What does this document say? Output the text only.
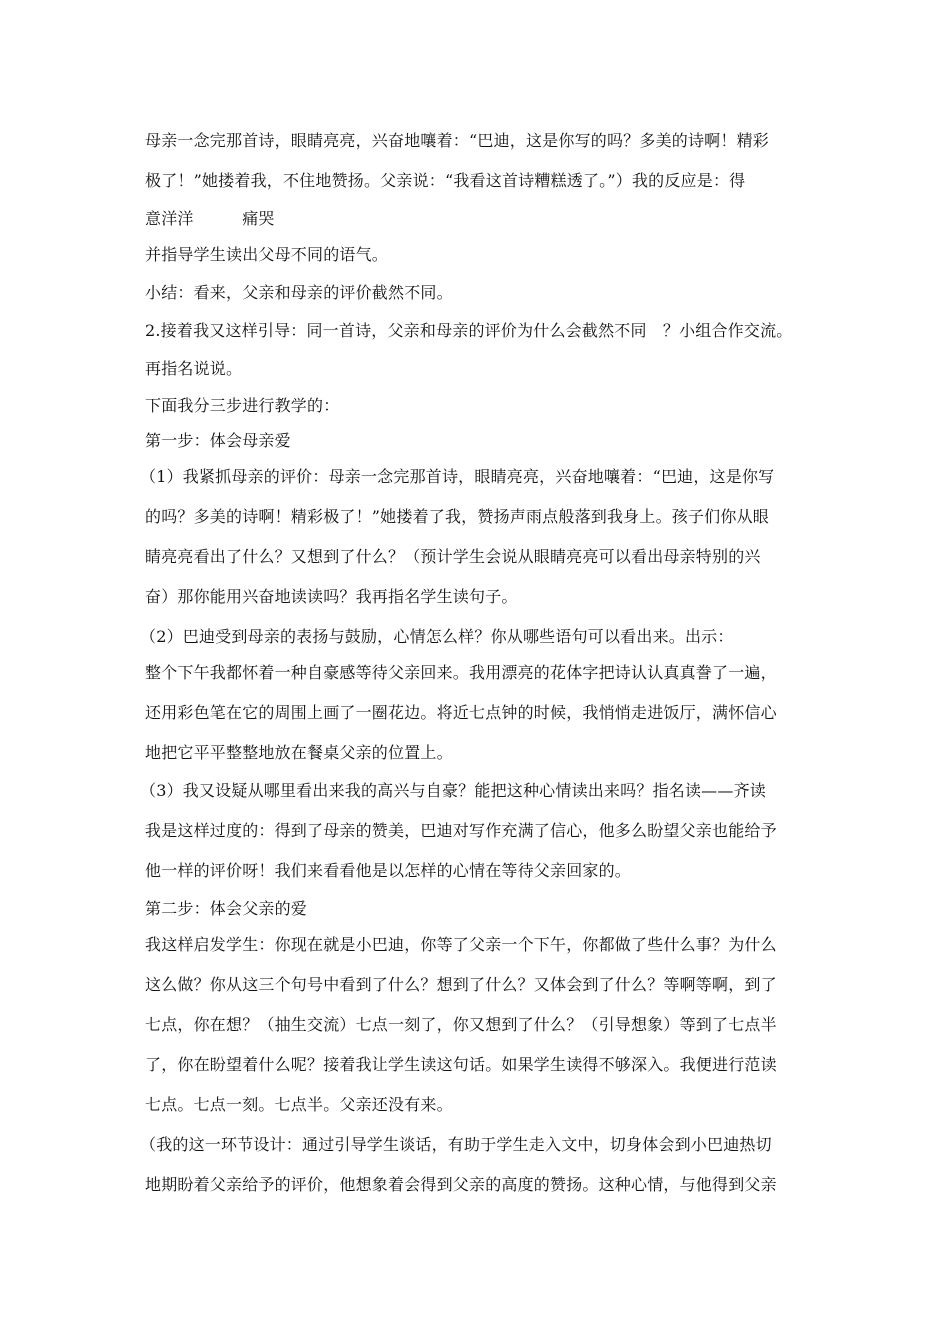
母亲一念完那首诗，眼睛亮亮，兴奋地嚷着：“巴迪，这是你写的吗？多美的诗啊！精彩
极了！”她搂着我，不住地赞扬。父亲说：“我看这首诗糟糕透了。”）我的反应是：得
意洋洋　　　痛哭
并指导学生读出父母不同的语气。
小结：看来，父亲和母亲的评价截然不同。
2.接着我又这样引导：同一首诗，父亲和母亲的评价为什么会截然不同　？小组合作交流。
再指名说说。
下面我分三步进行教学的：
第一步：体会母亲爱
（1）我紧抓母亲的评价：母亲一念完那首诗，眼睛亮亮，兴奋地嚷着：“巴迪，这是你写
的吗？多美的诗啊！精彩极了！”她搂着了我，赞扬声雨点般落到我身上。孩子们你从眼
睛亮亮看出了什么？又想到了什么？（预计学生会说从眼睛亮亮可以看出母亲特别的兴
奋）那你能用兴奋地读读吗？我再指名学生读句子。
（2）巴迪受到母亲的表扬与鼓励，心情怎么样？你从哪些语句可以看出来。出示：
整个下午我都怀着一种自豪感等待父亲回来。我用漂亮的花体字把诗认认真真誊了一遍，
还用彩色笔在它的周围上画了一圈花边。将近七点钟的时候，我悄悄走进饭厅，满怀信心
地把它平平整整地放在餐桌父亲的位置上。
（3）我又设疑从哪里看出来我的高兴与自豪？能把这种心情读出来吗？指名读——齐读
我是这样过度的：得到了母亲的赞美，巴迪对写作充满了信心，他多么盼望父亲也能给予
他一样的评价呀！我们来看看他是以怎样的心情在等待父亲回家的。
第二步：体会父亲的爱
我这样启发学生：你现在就是小巴迪，你等了父亲一个下午，你都做了些什么事？为什么
这么做？你从这三个句号中看到了什么？想到了什么？又体会到了什么？等啊等啊，到了
七点，你在想？（抽生交流）七点一刻了，你又想到了什么？（引导想象）等到了七点半
了，你在盼望着什么呢？接着我让学生读这句话。如果学生读得不够深入。我便进行范读
七点。七点一刻。七点半。父亲还没有来。
（我的这一环节设计：通过引导学生谈话，有助于学生走入文中，切身体会到小巴迪热切
地期盼着父亲给予的评价，他想象着会得到父亲的高度的赞扬。这种心情，与他得到父亲
